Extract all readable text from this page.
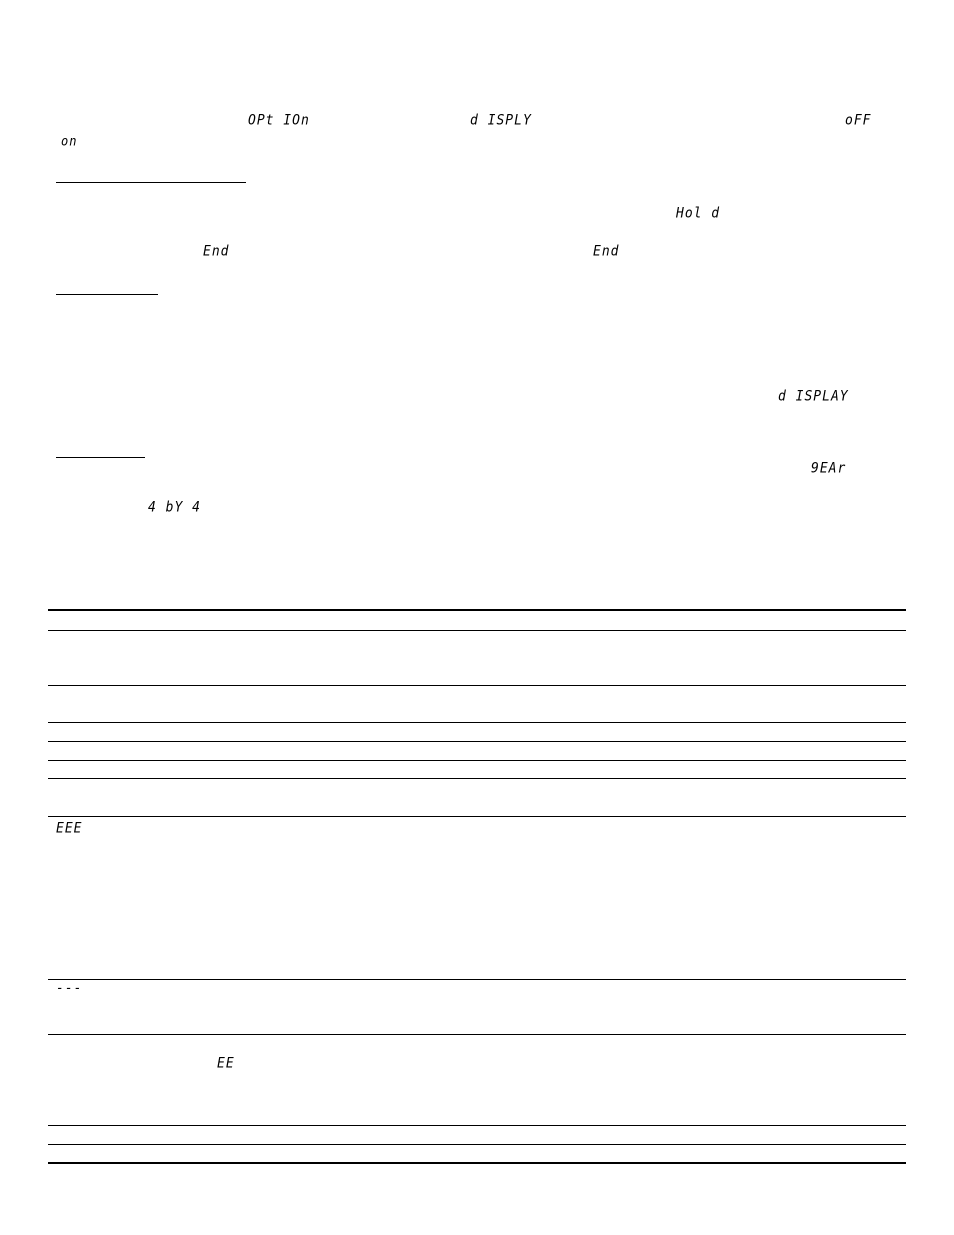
OPt IOn	d ISPLY	oFF
on
Hol d
End	End
d ISPLAY
9EAr
4 bY 4
EEE
---
EE
